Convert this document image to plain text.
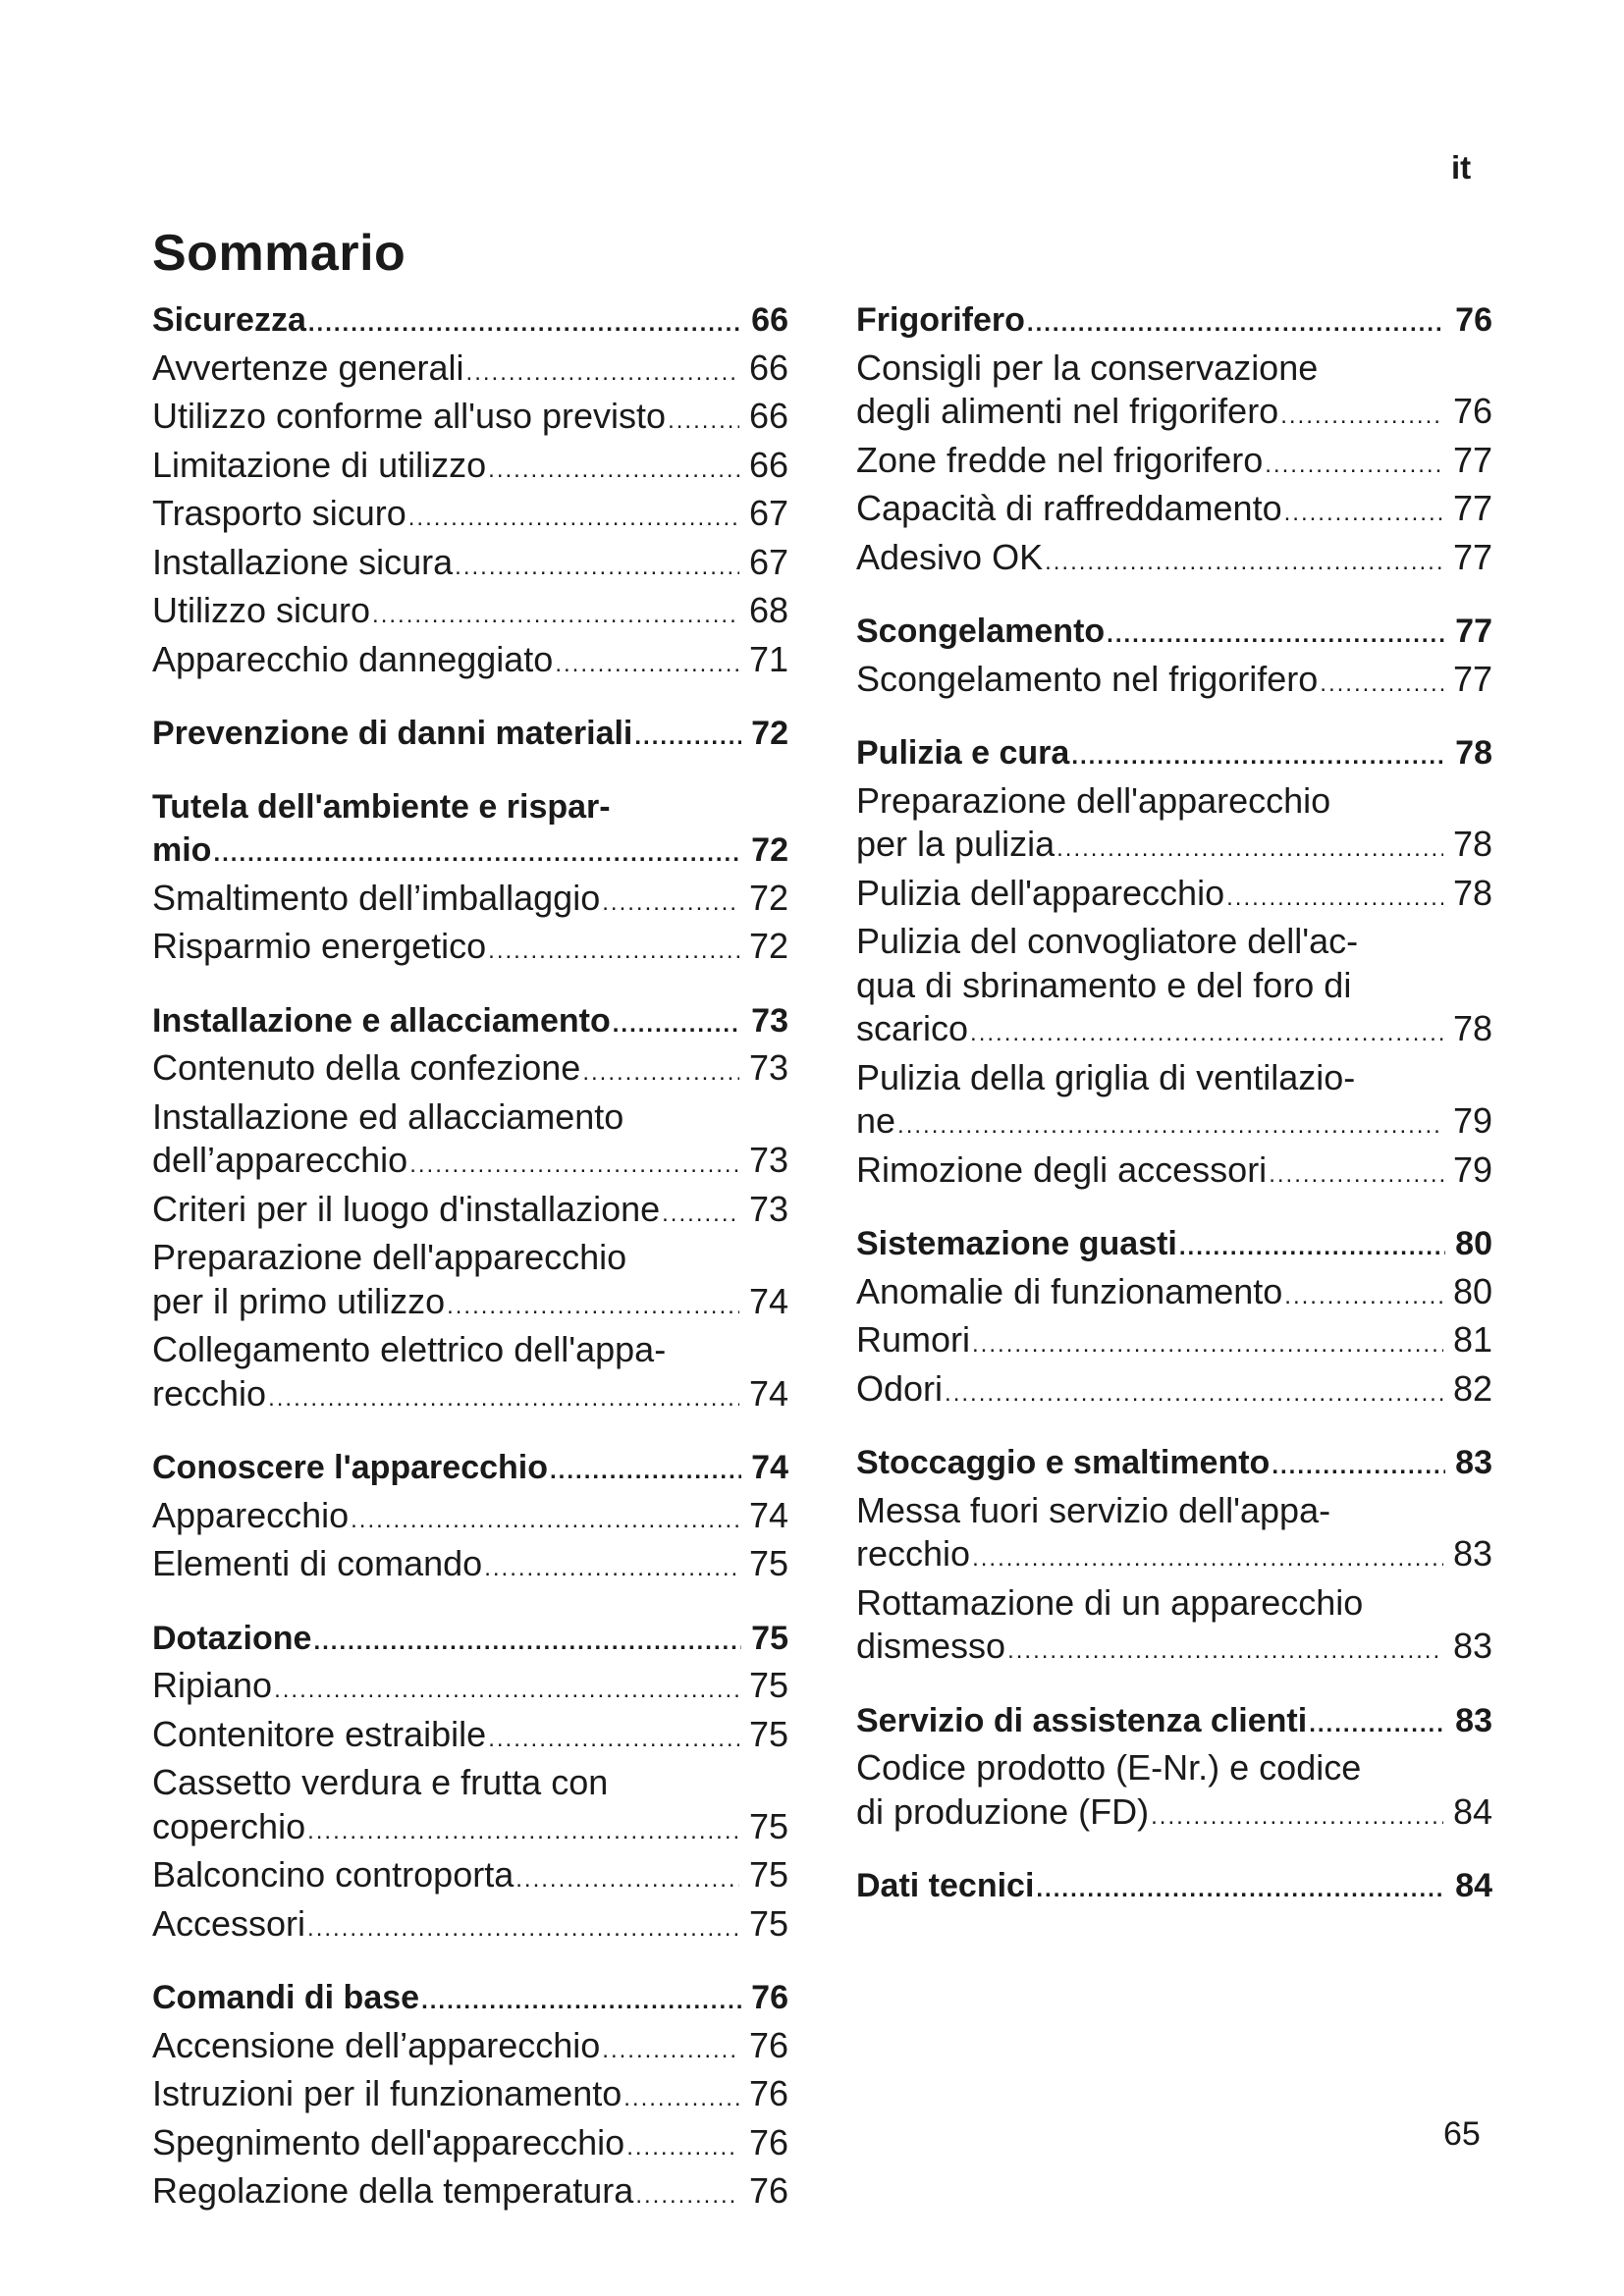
it
Sommario
Sicurezza .....	66
Avvertenze generali .....	66
Utilizzo conforme all'uso previsto ..... 66
Limitazione di utilizzo .....	66
Trasporto sicuro .....	67
Installazione sicura .....	67
Utilizzo sicuro .....	68
Apparecchio danneggiato .....	71
Prevenzione di danni materiali .....	72
Tutela dell'ambiente e rispar-
mio .....	72
Smaltimento dell’imballaggio .....	72
Risparmio energetico .....	72
Installazione e allacciamento .....	73
Contenuto della confezione .....	73
Installazione ed allacciamento
dell’apparecchio .....	73
Criteri per il luogo d'installazione .....	73
Preparazione dell'apparecchio
per il primo utilizzo .....	74
Collegamento elettrico dell'appa-
recchio .....	74
Conoscere l'apparecchio .....	74
Apparecchio .....	74
Elementi di comando .....	75
Dotazione .....	75
Ripiano .....	75
Contenitore estraibile .....	75
Cassetto verdura e frutta con
coperchio .....	75
Balconcino controporta .....	75
Accessori .....	75
Comandi di base .....	76
Accensione dell’apparecchio .....	76
Istruzioni per il funzionamento .....	76
Spegnimento dell'apparecchio .....	76
Regolazione della temperatura .....	76
Frigorifero .....	76
Consigli per la conservazione
degli alimenti nel frigorifero .....	76
Zone fredde nel frigorifero .....	77
Capacità di raffreddamento .....	77
Adesivo OK .....	77
Scongelamento .....	77
Scongelamento nel frigorifero .....	77
Pulizia e cura .....	78
Preparazione dell'apparecchio
per la pulizia .....	78
Pulizia dell'apparecchio .....	78
Pulizia del convogliatore dell'ac-
qua di sbrinamento e del foro di
scarico .....	78
Pulizia della griglia di ventilazio-
ne .....	79
Rimozione degli accessori .....	79
Sistemazione guasti .....	80
Anomalie di funzionamento .....	80
Rumori .....	81
Odori .....	82
Stoccaggio e smaltimento .....	83
Messa fuori servizio dell'appa-
recchio .....	83
Rottamazione di un apparecchio
dismesso .....	83
Servizio di assistenza clienti .....	83
Codice prodotto (E-Nr.) e codice
di produzione (FD) .....	84
Dati tecnici .....	84
65
